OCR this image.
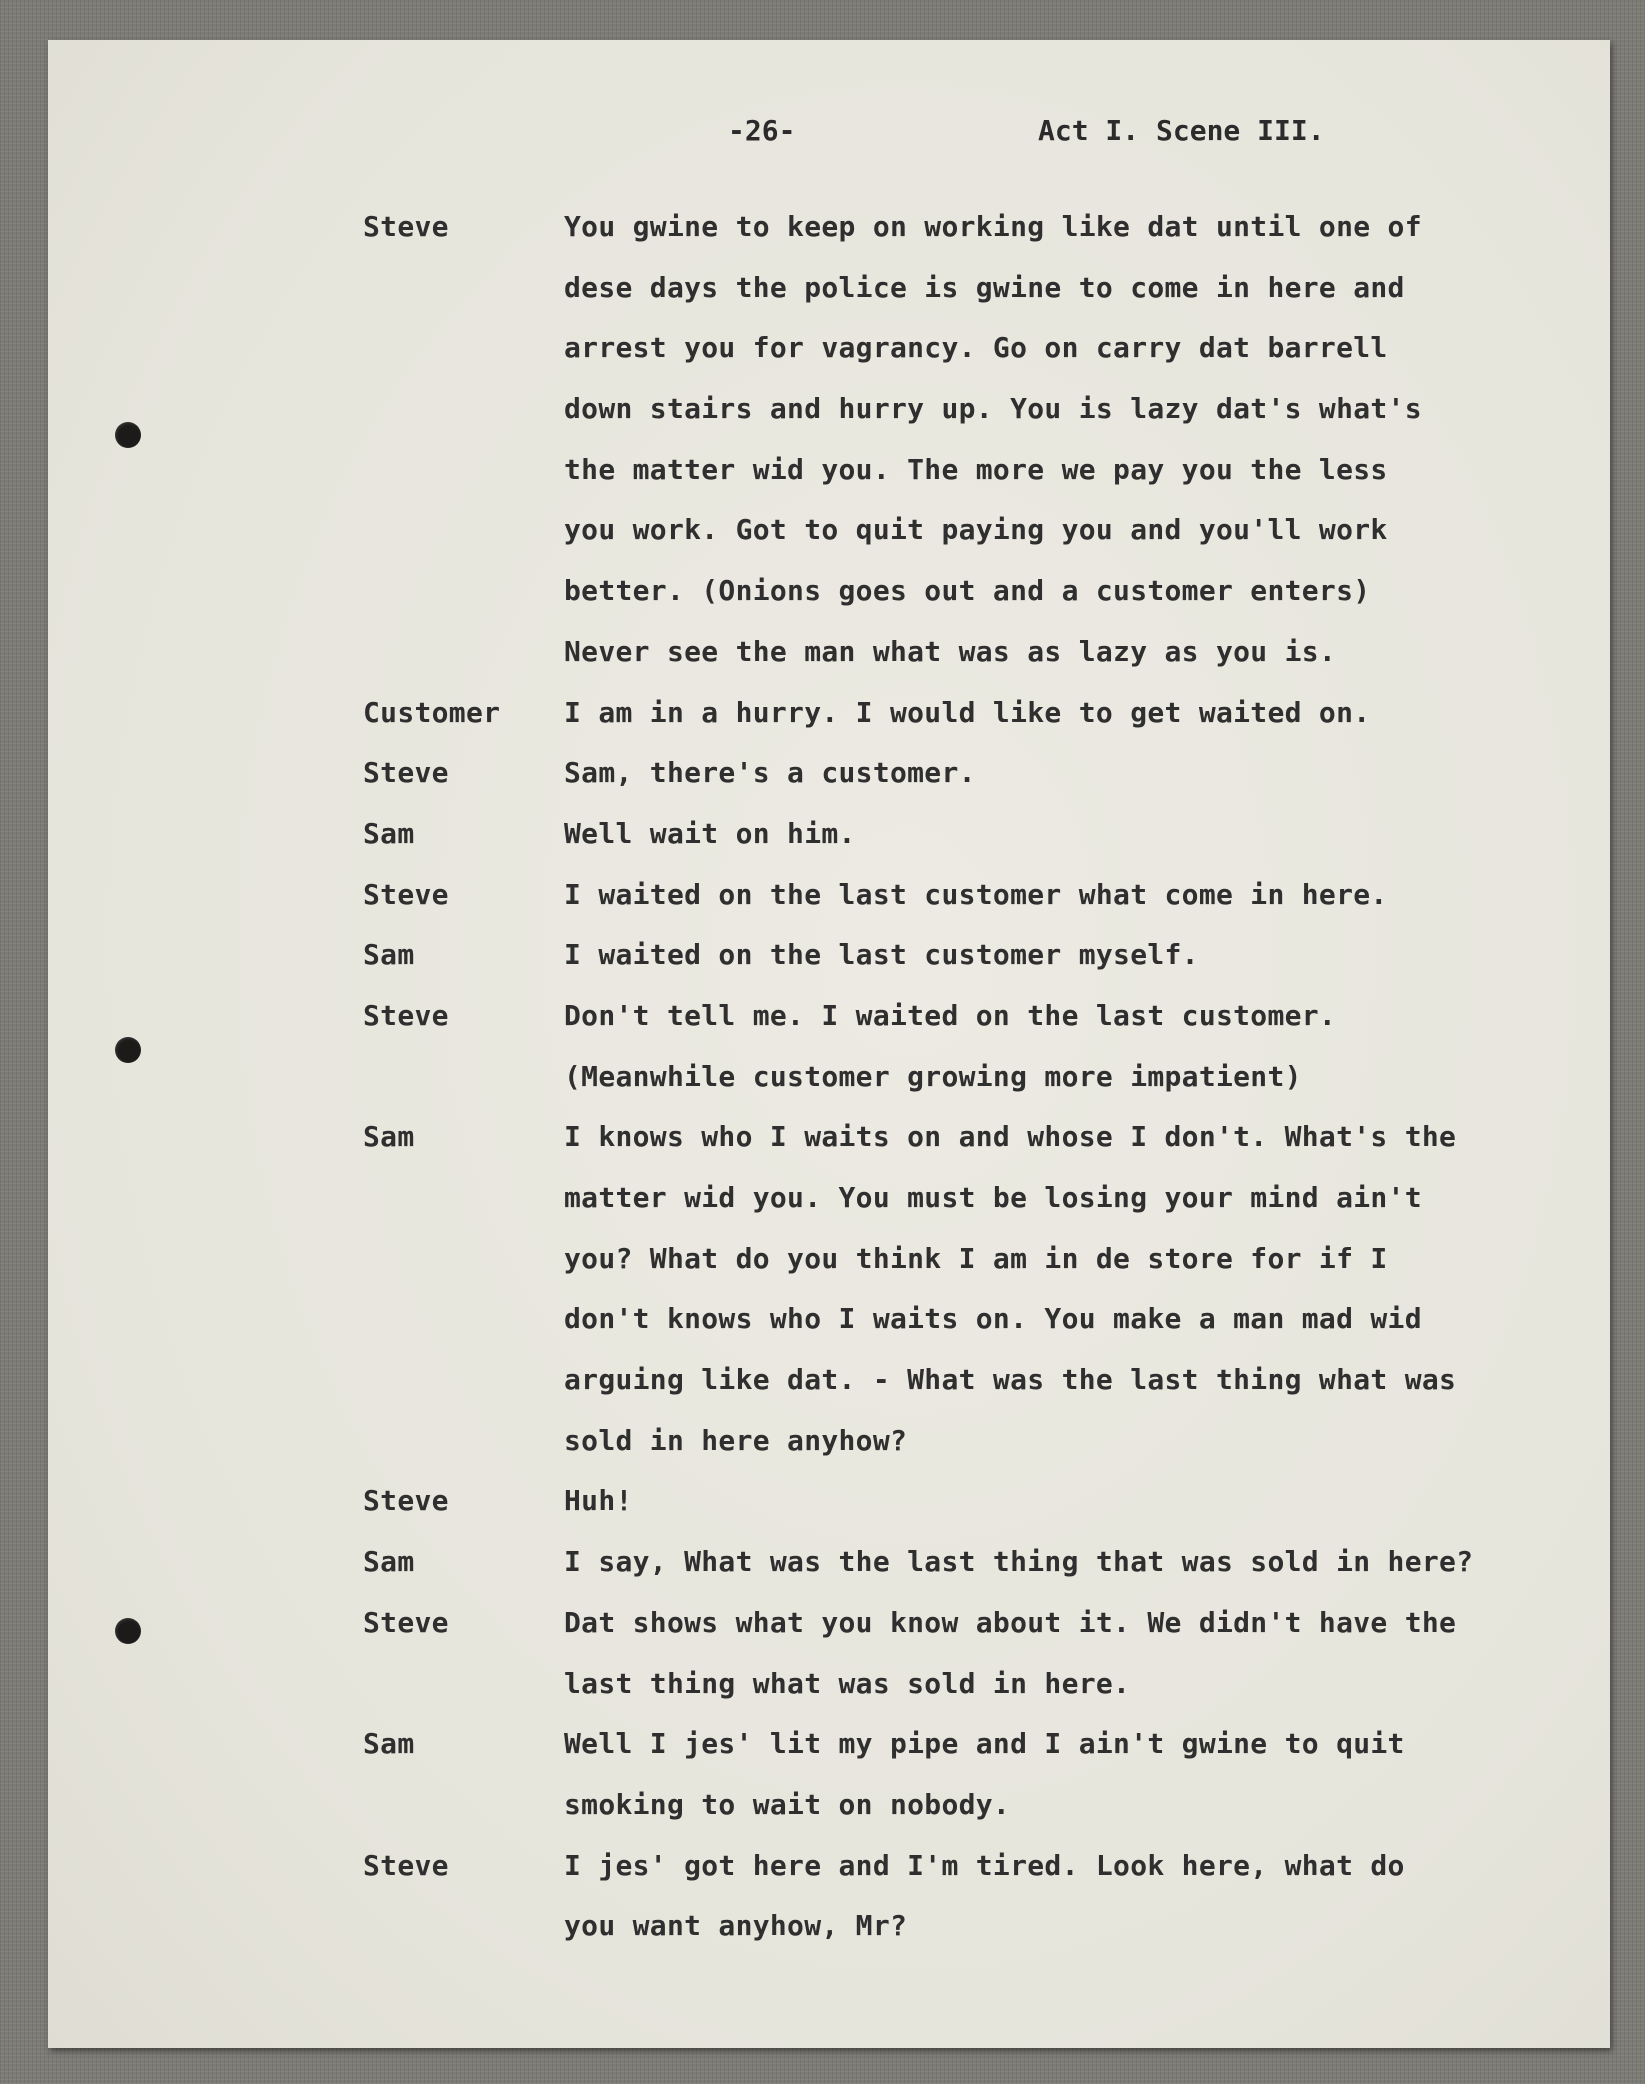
-26-	Act I. Scene III.
Steve	You gwine to keep on working like dat until one of
dese days the police is gwine to come in here and
arrest you for vagrancy. Go on carry dat barrell
down stairs and hurry up. You is lazy dat's what's
the matter wid you. The more we pay you the less
you work. Got to quit paying you and you'll work
better. (Onions goes out and a customer enters)
Never see the man what was as lazy as you is.
Customer I am in a hurry. I would like to get waited on.
Steve	Sam, there's a customer.
Sam	Well wait on him.
Steve	I waited on the last customer what come in here.
Sam	I waited on the last customer myself.
Steve	Don't tell me. I waited on the last customer.
(Meanwhile customer growing more impatient)
Sam	I knows who I waits on and whose I don't. What's the
matter wid you. You must be losing your mind ain't
you? What do you think I am in de store for if I
don't knows who I waits on. You make a man mad wid
arguing like dat. - What was the last thing what was
sold in here anyhow?
Steve	Huh!
Sam	I say, What was the last thing that was sold in here?
Steve	Dat shows what you know about it. We didn't have the
last thing what was sold in here.
Sam	Well I jes' lit my pipe and I ain't gwine to quit
smoking to wait on nobody.
Steve	I jes' got here and I'm tired. Look here, what do
you want anyhow, Mr?
